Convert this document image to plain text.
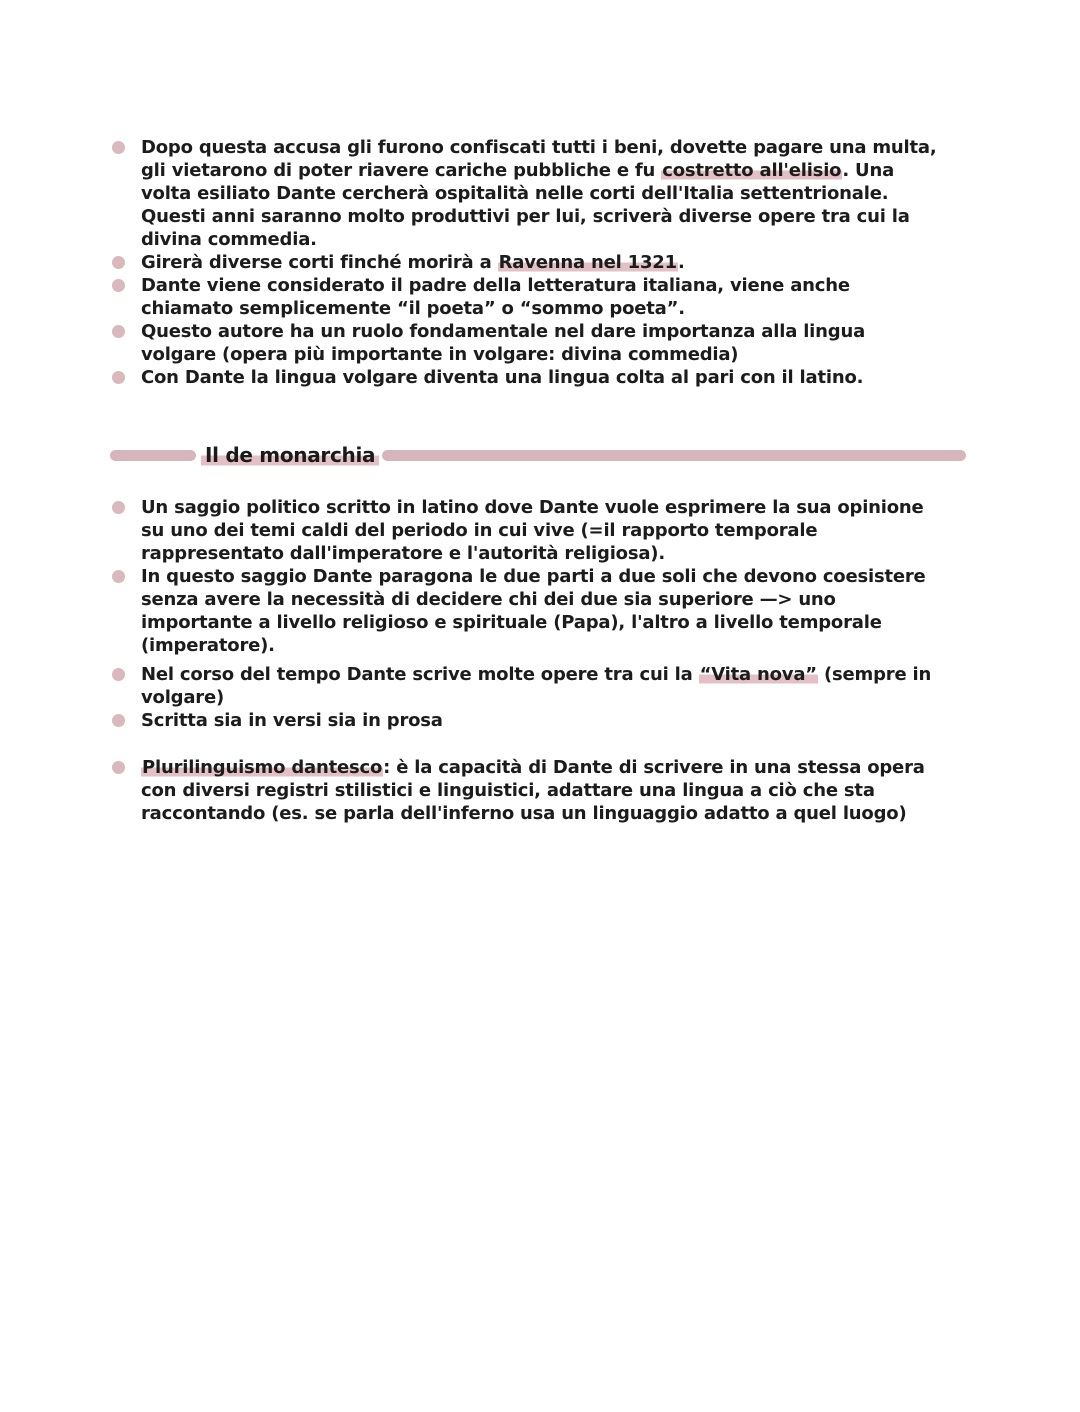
Dopo questa accusa gli furono confiscati tutti i beni, dovette pagare una multa, gli vietarono di poter riavere cariche pubbliche e fu costretto all'elisio. Una volta esiliato Dante cercherà ospitalità nelle corti dell'Italia settentrionale. Questi anni saranno molto produttivi per lui, scriverà diverse opere tra cui la divina commedia.
Girerà diverse corti finché morirà a Ravenna nel 1321.
Dante viene considerato il padre della letteratura italiana, viene anche chiamato semplicemente “il poeta” o “sommo poeta”.
Questo autore ha un ruolo fondamentale nel dare importanza alla lingua volgare (opera più importante in volgare: divina commedia)
Con Dante la lingua volgare diventa una lingua colta al pari con il latino.
Il de monarchia
Un saggio politico scritto in latino dove Dante vuole esprimere la sua opinione su uno dei temi caldi del periodo in cui vive (=il rapporto temporale rappresentato dall'imperatore e l'autorità religiosa).
In questo saggio Dante paragona le due parti a due soli che devono coesistere senza avere la necessità di decidere chi dei due sia superiore —> uno importante a livello religioso e spirituale (Papa), l'altro a livello temporale (imperatore).
Nel corso del tempo Dante scrive molte opere tra cui la “Vita nova” (sempre in volgare)
Scritta sia in versi sia in prosa
Plurilinguismo dantesco: è la capacità di Dante di scrivere in una stessa opera con diversi registri stilistici e linguistici, adattare una lingua a ciò che sta raccontando (es. se parla dell'inferno usa un linguaggio adatto a quel luogo)
